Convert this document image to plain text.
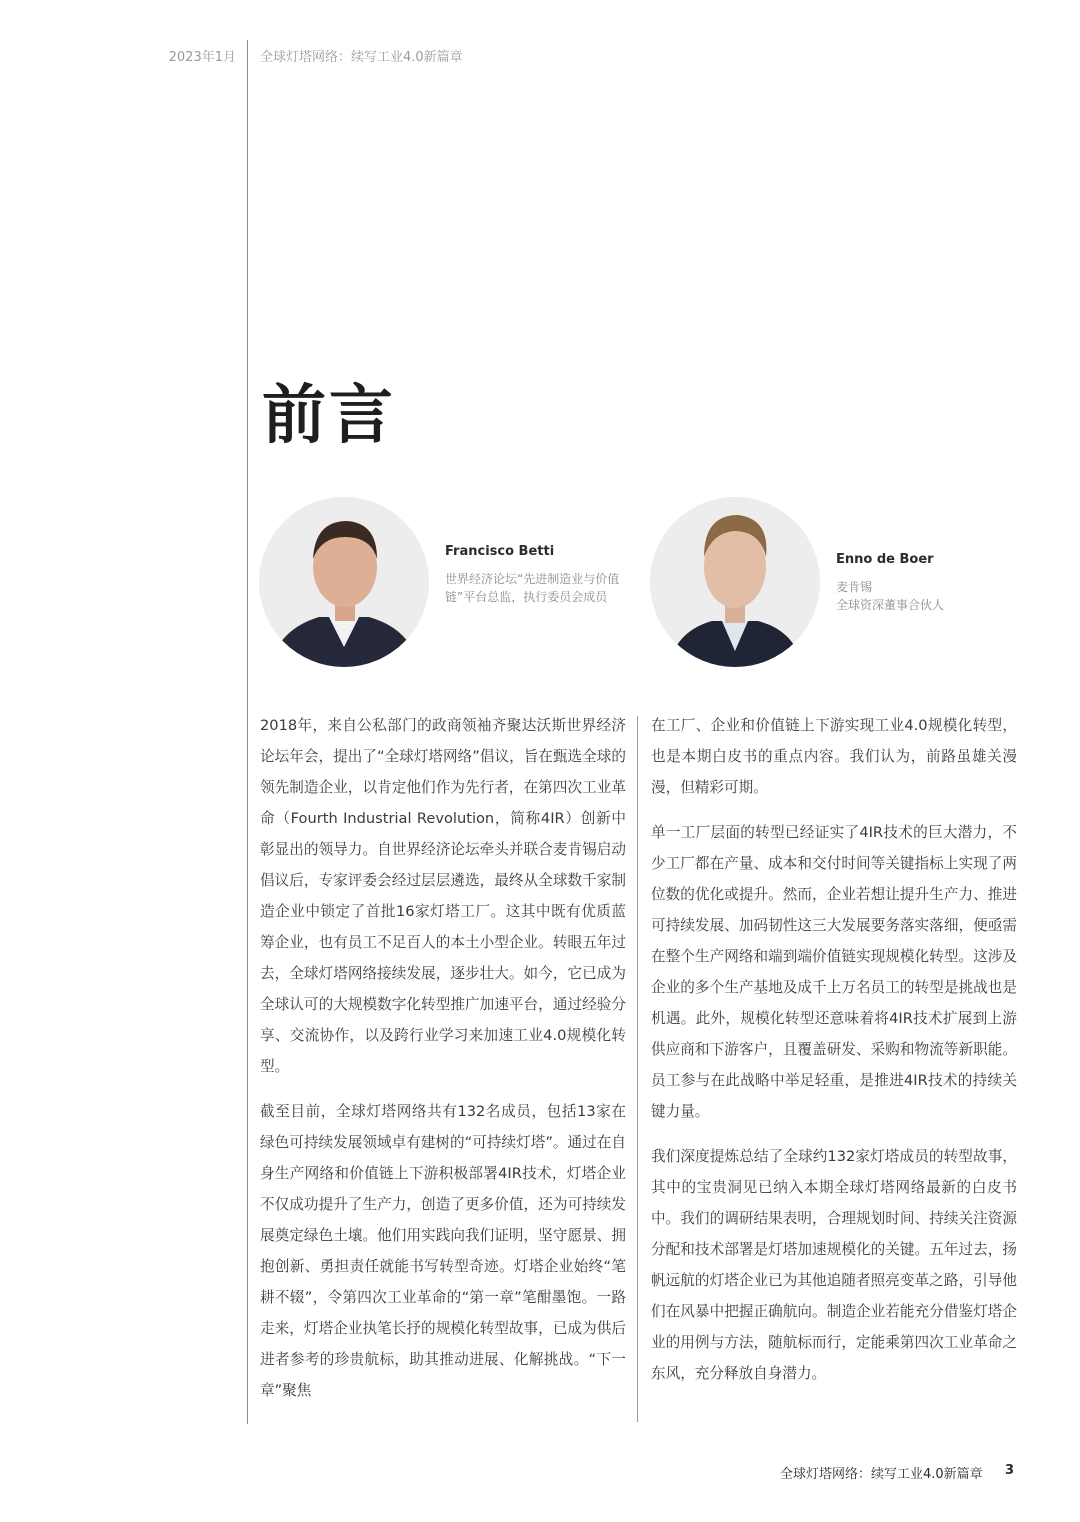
2023年1月 全球灯塔网络：续写工业4.0新篇章
前言
Francisco Betti
世界经济论坛“先进制造业与价值链”平台总监，执行委员会成员
Enno de Boer
麦肯锡
全球资深董事合伙人

2018年，来自公私部门的政商领袖齐聚达沃斯世界经济论坛年会，提出了“全球灯塔网络”倡议，旨在甄选全球的领先制造企业，以肯定他们作为先行者，在第四次工业革命（Fourth Industrial Revolution，简称4IR）创新中彰显出的领导力。自世界经济论坛牵头并联合麦肯锡启动倡议后，专家评委会经过层层遴选，最终从全球数千家制造企业中锁定了首批16家灯塔工厂。这其中既有优质蓝筹企业，也有员工不足百人的本土小型企业。转眼五年过去，全球灯塔网络接续发展，逐步壮大。如今，它已成为全球认可的大规模数字化转型推广加速平台，通过经验分享、交流协作，以及跨行业学习来加速工业4.0规模化转型。

截至目前，全球灯塔网络共有132名成员，包括13家在绿色可持续发展领域卓有建树的“可持续灯塔”。通过在自身生产网络和价值链上下游积极部署4IR技术，灯塔企业不仅成功提升了生产力，创造了更多价值，还为可持续发展奠定绿色土壤。他们用实践向我们证明，坚守愿景、拥抱创新、勇担责任就能书写转型奇迹。灯塔企业始终“笔耕不辍”，令第四次工业革命的“第一章”笔酣墨饱。一路走来，灯塔企业执笔长抒的规模化转型故事，已成为供后进者参考的珍贵航标，助其推动进展、化解挑战。“下一章”聚焦

在工厂、企业和价值链上下游实现工业4.0规模化转型，也是本期白皮书的重点内容。我们认为，前路虽雄关漫漫，但精彩可期。

单一工厂层面的转型已经证实了4IR技术的巨大潜力，不少工厂都在产量、成本和交付时间等关键指标上实现了两位数的优化或提升。然而，企业若想让提升生产力、推进可持续发展、加码韧性这三大发展要务落实落细，便亟需在整个生产网络和端到端价值链实现规模化转型。这涉及企业的多个生产基地及成千上万名员工的转型是挑战也是机遇。此外，规模化转型还意味着将4IR技术扩展到上游供应商和下游客户，且覆盖研发、采购和物流等新职能。员工参与在此战略中举足轻重，是推进4IR技术的持续关键力量。

我们深度提炼总结了全球约132家灯塔成员的转型故事，其中的宝贵洞见已纳入本期全球灯塔网络最新的白皮书中。我们的调研结果表明，合理规划时间、持续关注资源分配和技术部署是灯塔加速规模化的关键。五年过去，扬帆远航的灯塔企业已为其他追随者照亮变革之路，引导他们在风暴中把握正确航向。制造企业若能充分借鉴灯塔企业的用例与方法，随航标而行，定能乘第四次工业革命之东风，充分释放自身潜力。

全球灯塔网络：续写工业4.0新篇章 3
